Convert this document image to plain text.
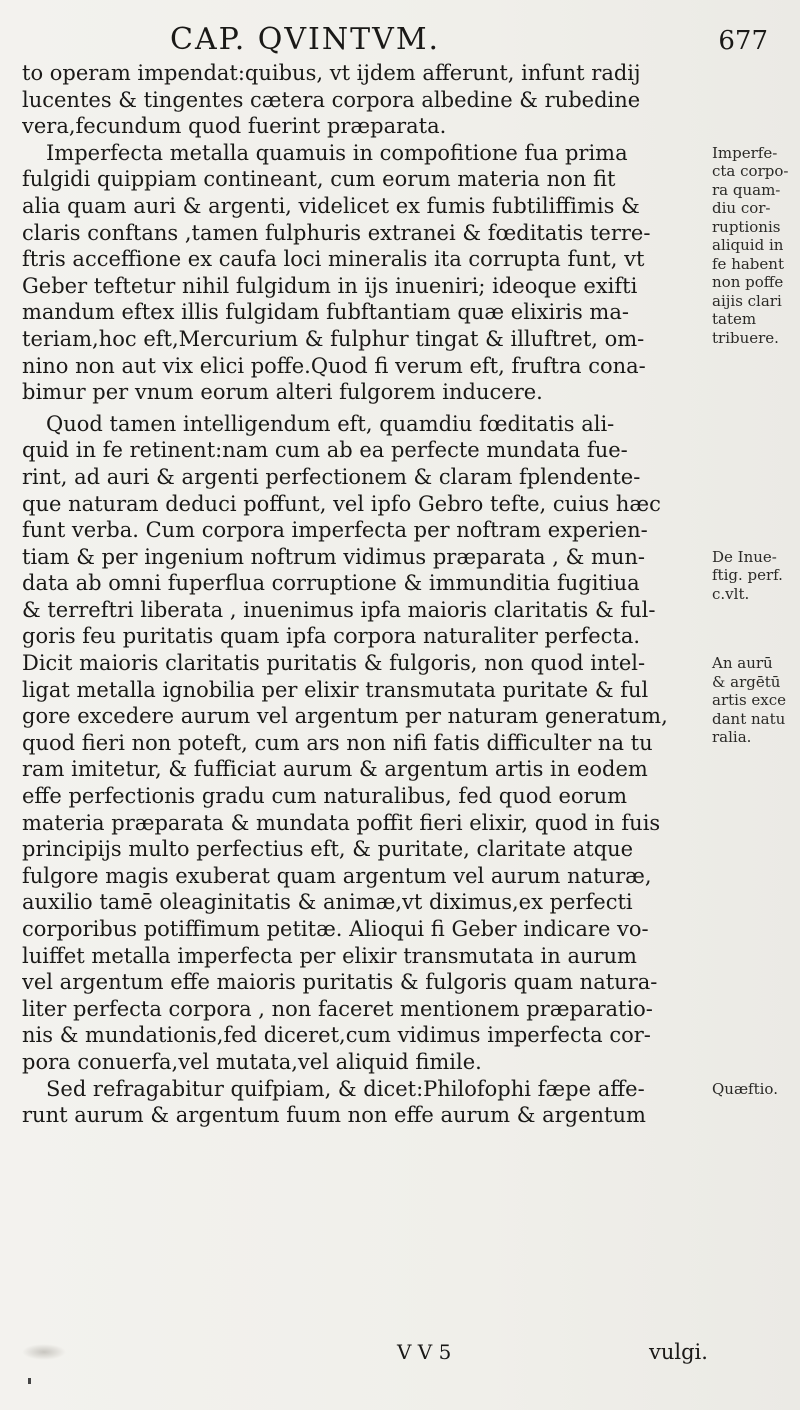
CAP. QVINTVM.	677
to operam impendat:quibus, vt ijdem afferunt, infunt radij
lucentes & tingentes cætera corpora albedine & rubedine
vera,fecundum quod fuerint præparata.
Imperfecta metalla quamuis in compofitione fua prima
fulgidi quippiam contineant, cum eorum materia non fit
alia quam auri & argenti, videlicet ex fumis fubtiliffimis &
claris conftans ,tamen fulphuris extranei & fœditatis terre-
ftris acceffione ex caufa loci mineralis ita corrupta funt, vt
Geber teftetur nihil fulgidum in ijs inueniri; ideoque exifti
mandum eftex illis fulgidam fubftantiam quæ elixiris ma-
teriam,hoc eft,Mercurium & fulphur tingat & illuftret, om-
nino non aut vix elici poffe.Quod fi verum eft, fruftra cona-
bimur per vnum eorum alteri fulgorem inducere.
Quod tamen intelligendum eft, quamdiu fœditatis ali-
quid in fe retinent:nam cum ab ea perfecte mundata fue-
rint, ad auri & argenti perfectionem & claram fplendente-
que naturam deduci poffunt, vel ipfo Gebro tefte, cuius hæc
funt verba. Cum corpora imperfecta per noftram experien-
tiam & per ingenium noftrum vidimus præparata , & mun-
data ab omni fuperflua corruptione & immunditia fugitiua
& terreftri liberata , inuenimus ipfa maioris claritatis & ful-
goris feu puritatis quam ipfa corpora naturaliter perfecta.
Dicit maioris claritatis puritatis & fulgoris, non quod intel-
ligat metalla ignobilia per elixir transmutata puritate & ful
gore excedere aurum vel argentum per naturam generatum,
quod fieri non poteft, cum ars non nifi fatis difficulter na tu
ram imitetur, & fufficiat aurum & argentum artis in eodem
effe perfectionis gradu cum naturalibus, fed quod eorum
materia præparata & mundata poffit fieri elixir, quod in fuis
principijs multo perfectius eft, & puritate, claritate atque
fulgore magis exuberat quam argentum vel aurum naturæ,
auxilio tamē oleaginitatis & animæ,vt diximus,ex perfecti
corporibus potiffimum petitæ. Alioqui fi Geber indicare vo-
luiffet metalla imperfecta per elixir transmutata in aurum
vel argentum effe maioris puritatis & fulgoris quam natura-
liter perfecta corpora , non faceret mentionem præparatio-
nis & mundationis,fed diceret,cum vidimus imperfecta cor-
pora conuerfa,vel mutata,vel aliquid fimile.
Sed refragabitur quifpiam, & dicet:Philofophi fæpe affe-
runt aurum & argentum fuum non effe aurum & argentum
Imperfe-
cta corpo-
ra quam-
diu cor-
ruptionis
aliquid in
fe habent
non poffe
aijis clari
tatem
tribuere.
De Inue-
ftig. perf.
c.vlt.
An aurū
& argētū
artis exce
dant natu
ralia.
Quæftio.
V V 5	vulgi.
